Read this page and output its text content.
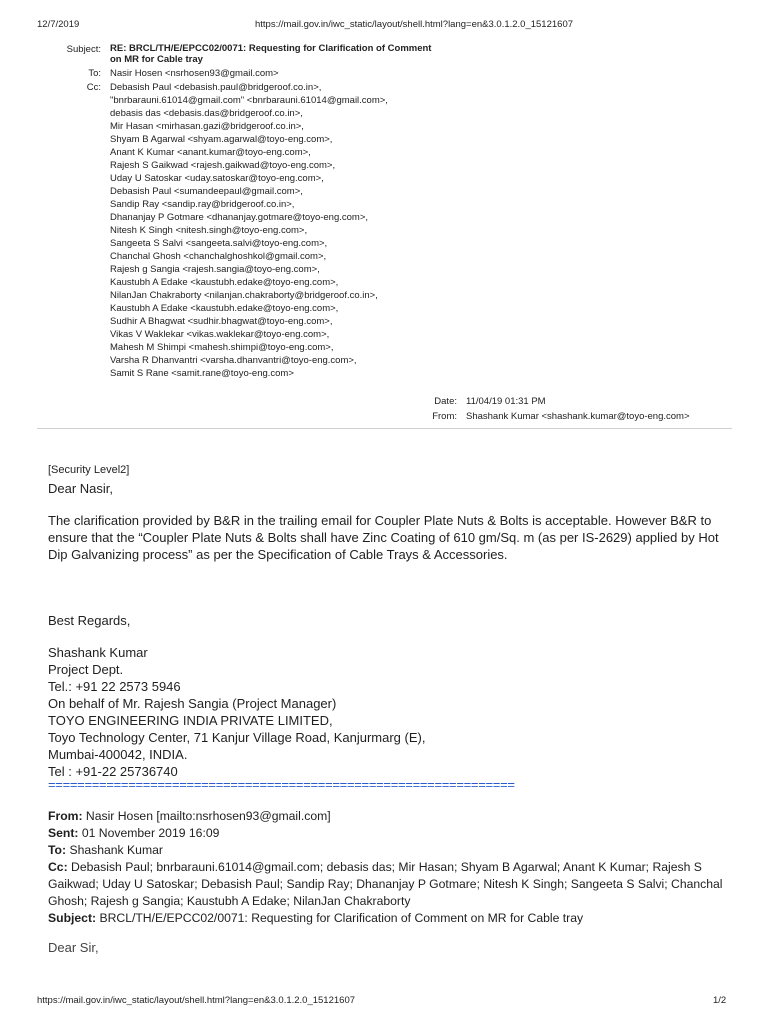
12/7/2019	https://mail.gov.in/iwc_static/layout/shell.html?lang=en&3.0.1.2.0_15121607
Subject: RE: BRCL/TH/E/EPCC02/0071: Requesting for Clarification of Comment
on MR for Cable tray
To: Nasir Hosen <nsrhosen93@gmail.com>
Cc: Debasish Paul <debasish.paul@bridgeroof.co.in>,
"bnrbarauni.61014@gmail.com" <bnrbarauni.61014@gmail.com>,
debasis das <debasis.das@bridgeroof.co.in>,
Mir Hasan <mirhasan.gazi@bridgeroof.co.in>,
Shyam B Agarwal <shyam.agarwal@toyo-eng.com>,
Anant K Kumar <anant.kumar@toyo-eng.com>,
Rajesh S Gaikwad <rajesh.gaikwad@toyo-eng.com>,
Uday U Satoskar <uday.satoskar@toyo-eng.com>,
Debasish Paul <sumandeepaul@gmail.com>,
Sandip Ray <sandip.ray@bridgeroof.co.in>,
Dhananjay P Gotmare <dhananjay.gotmare@toyo-eng.com>,
Nitesh K Singh <nitesh.singh@toyo-eng.com>,
Sangeeta S Salvi <sangeeta.salvi@toyo-eng.com>,
Chanchal Ghosh <chanchalghoshkol@gmail.com>,
Rajesh g Sangia <rajesh.sangia@toyo-eng.com>,
Kaustubh A Edake <kaustubh.edake@toyo-eng.com>,
NilanJan Chakraborty <nilanjan.chakraborty@bridgeroof.co.in>,
Kaustubh A Edake <kaustubh.edake@toyo-eng.com>,
Sudhir A Bhagwat <sudhir.bhagwat@toyo-eng.com>,
Vikas V Waklekar <vikas.waklekar@toyo-eng.com>,
Mahesh M Shimpi <mahesh.shimpi@toyo-eng.com>,
Varsha R Dhanvantri <varsha.dhanvantri@toyo-eng.com>,
Samit S Rane <samit.rane@toyo-eng.com>
Date: 11/04/19 01:31 PM
From: Shashank Kumar <shashank.kumar@toyo-eng.com>
[Security Level2]
Dear Nasir,
The clarification provided by B&R in the trailing email for Coupler Plate Nuts & Bolts is acceptable. However B&R to ensure that the “Coupler Plate Nuts & Bolts shall have Zinc Coating of 610 gm/Sq. m (as per IS-2629) applied by Hot Dip Galvanizing process” as per the Specification of Cable Trays & Accessories.
Best Regards,
Shashank Kumar
Project Dept.
Tel.: +91 22 2573 5946
On behalf of Mr. Rajesh Sangia (Project Manager)
TOYO ENGINEERING INDIA PRIVATE LIMITED,
Toyo Technology Center, 71 Kanjur Village Road, Kanjurmarg (E),
Mumbai-400042, INDIA.
Tel : +91-22 25736740
================================================================
From: Nasir Hosen [mailto:nsrhosen93@gmail.com]
Sent: 01 November 2019 16:09
To: Shashank Kumar
Cc: Debasish Paul; bnrbarauni.61014@gmail.com; debasis das; Mir Hasan; Shyam B Agarwal; Anant K Kumar; Rajesh S Gaikwad; Uday U Satoskar; Debasish Paul; Sandip Ray; Dhananjay P Gotmare; Nitesh K Singh; Sangeeta S Salvi; Chanchal Ghosh; Rajesh g Sangia; Kaustubh A Edake; NilanJan Chakraborty
Subject: BRCL/TH/E/EPCC02/0071: Requesting for Clarification of Comment on MR for Cable tray
Dear Sir,
https://mail.gov.in/iwc_static/layout/shell.html?lang=en&3.0.1.2.0_15121607	1/2
